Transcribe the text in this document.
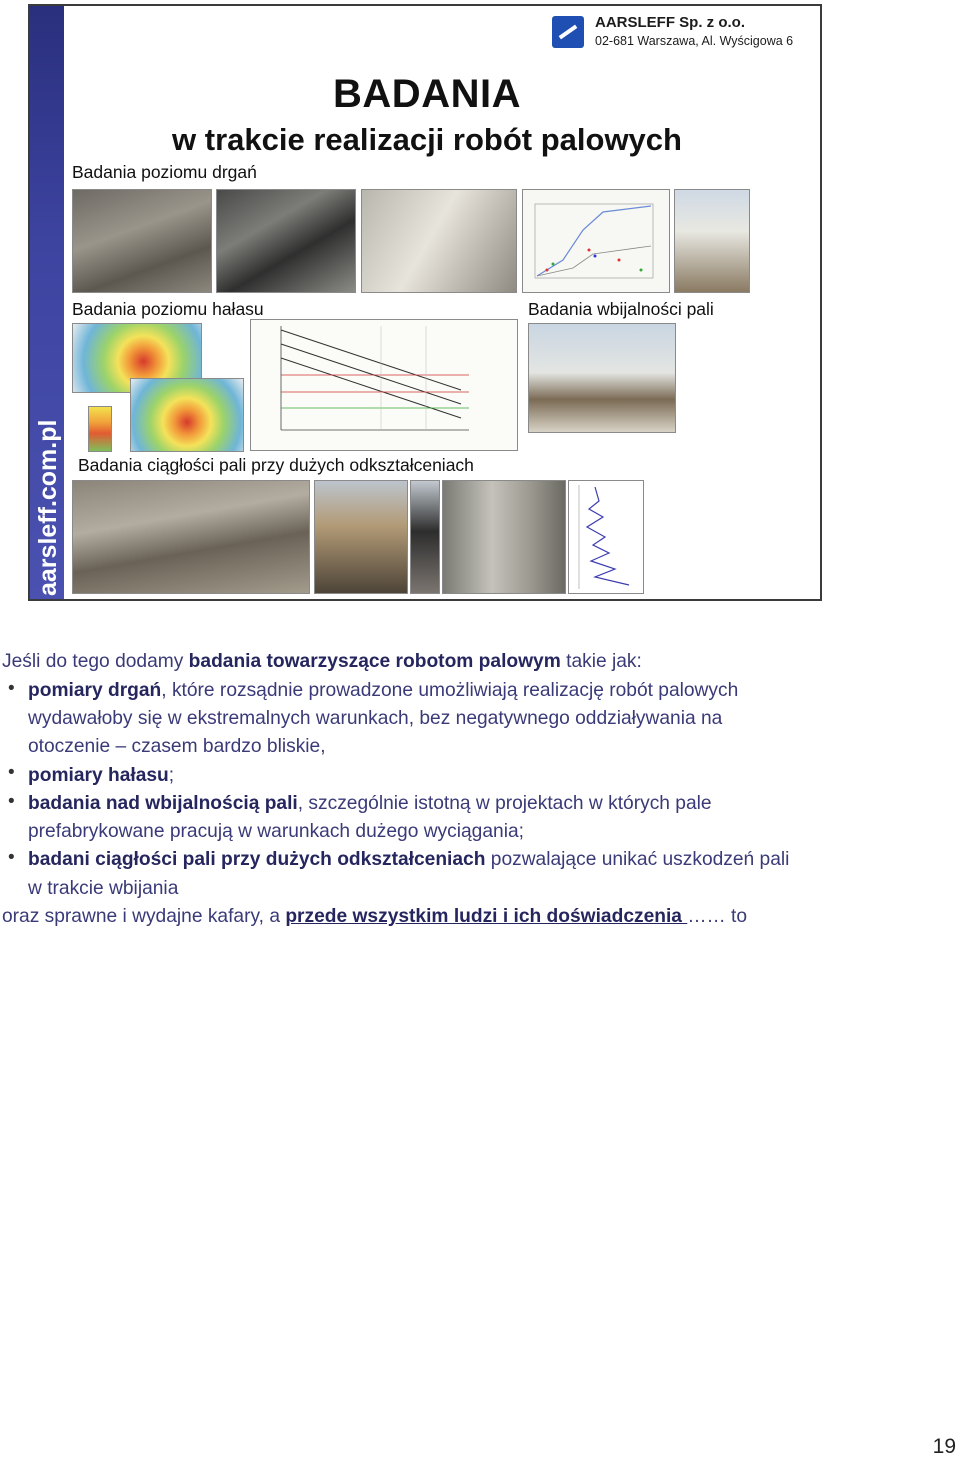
aarsleff.com.pl
AARSLEFF Sp. z o.o.
02-681 Warszawa, Al. Wyścigowa 6
BADANIA
w trakcie realizacji robót palowych
Badania poziomu drgań
Badania poziomu hałasu	Badania wbijalności pali
Badania ciągłości pali przy dużych odkształceniach
Jeśli do tego dodamy badania towarzyszące robotom palowym takie jak:
• pomiary drgań, które rozsądnie prowadzone umożliwiają realizację robót palowych
wydawałoby się w ekstremalnych warunkach, bez negatywnego oddziaływania na
otoczenie – czasem bardzo bliskie,
• pomiary hałasu;
• badania nad wbijalnością pali, szczególnie istotną w projektach w których pale
prefabrykowane pracują w warunkach dużego wyciągania;
• badani ciągłości pali przy dużych odkształceniach pozwalające unikać uszkodzeń pali
w trakcie wbijania
oraz sprawne i wydajne kafary, a przede wszystkim ludzi i ich doświadczenia …… to
19
